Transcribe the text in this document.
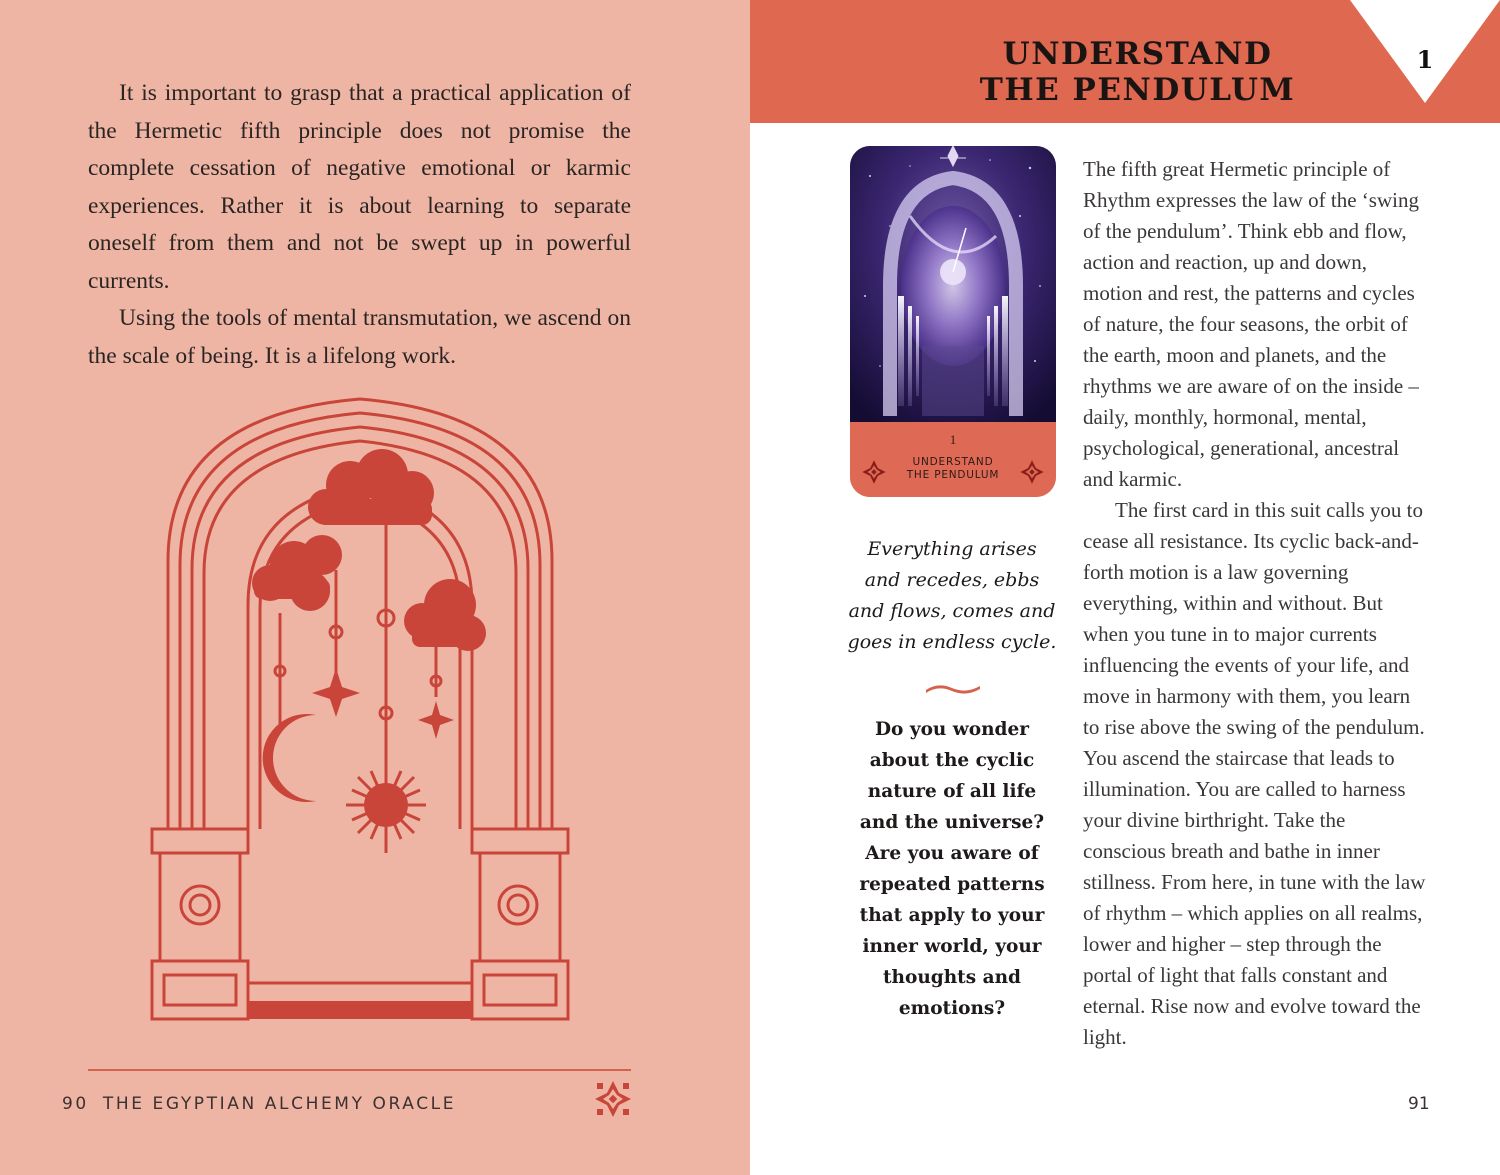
It is important to grasp that a practical application of the Hermetic fifth principle does not promise the complete cessation of negative emotional or karmic experiences. Rather it is about learning to separate oneself from them and not be swept up in powerful currents.

Using the tools of mental transmutation, we ascend on the scale of being. It is a lifelong work.

90 THE EGYPTIAN ALCHEMY ORACLE
1
UNDERSTAND
THE PENDULUM
1
UNDERSTAND
THE PENDULUM
Everything arises
and recedes, ebbs
and flows, comes and
goes in endless cycle.
Do you wonder
about the cyclic
nature of all life
and the universe?
Are you aware of
repeated patterns
that apply to your
inner world, your
thoughts and
emotions?

The fifth great Hermetic principle of Rhythm expresses the law of the ‘swing of the pendulum’. Think ebb and flow, action and reaction, up and down, motion and rest, the patterns and cycles of nature, the four seasons, the orbit of the earth, moon and planets, and the rhythms we are aware of on the inside – daily, monthly, hormonal, mental, psychological, generational, ancestral and karmic.

The first card in this suit calls you to cease all resistance. Its cyclic back-and-forth motion is a law governing everything, within and without. But when you tune in to major currents influencing the events of your life, and move in harmony with them, you learn to rise above the swing of the pendulum. You ascend the staircase that leads to illumination. You are called to harness your divine birthright. Take the conscious breath and bathe in inner stillness. From here, in tune with the law of rhythm – which applies on all realms, lower and higher – step through the portal of light that falls constant and eternal. Rise now and evolve toward the light.

91
